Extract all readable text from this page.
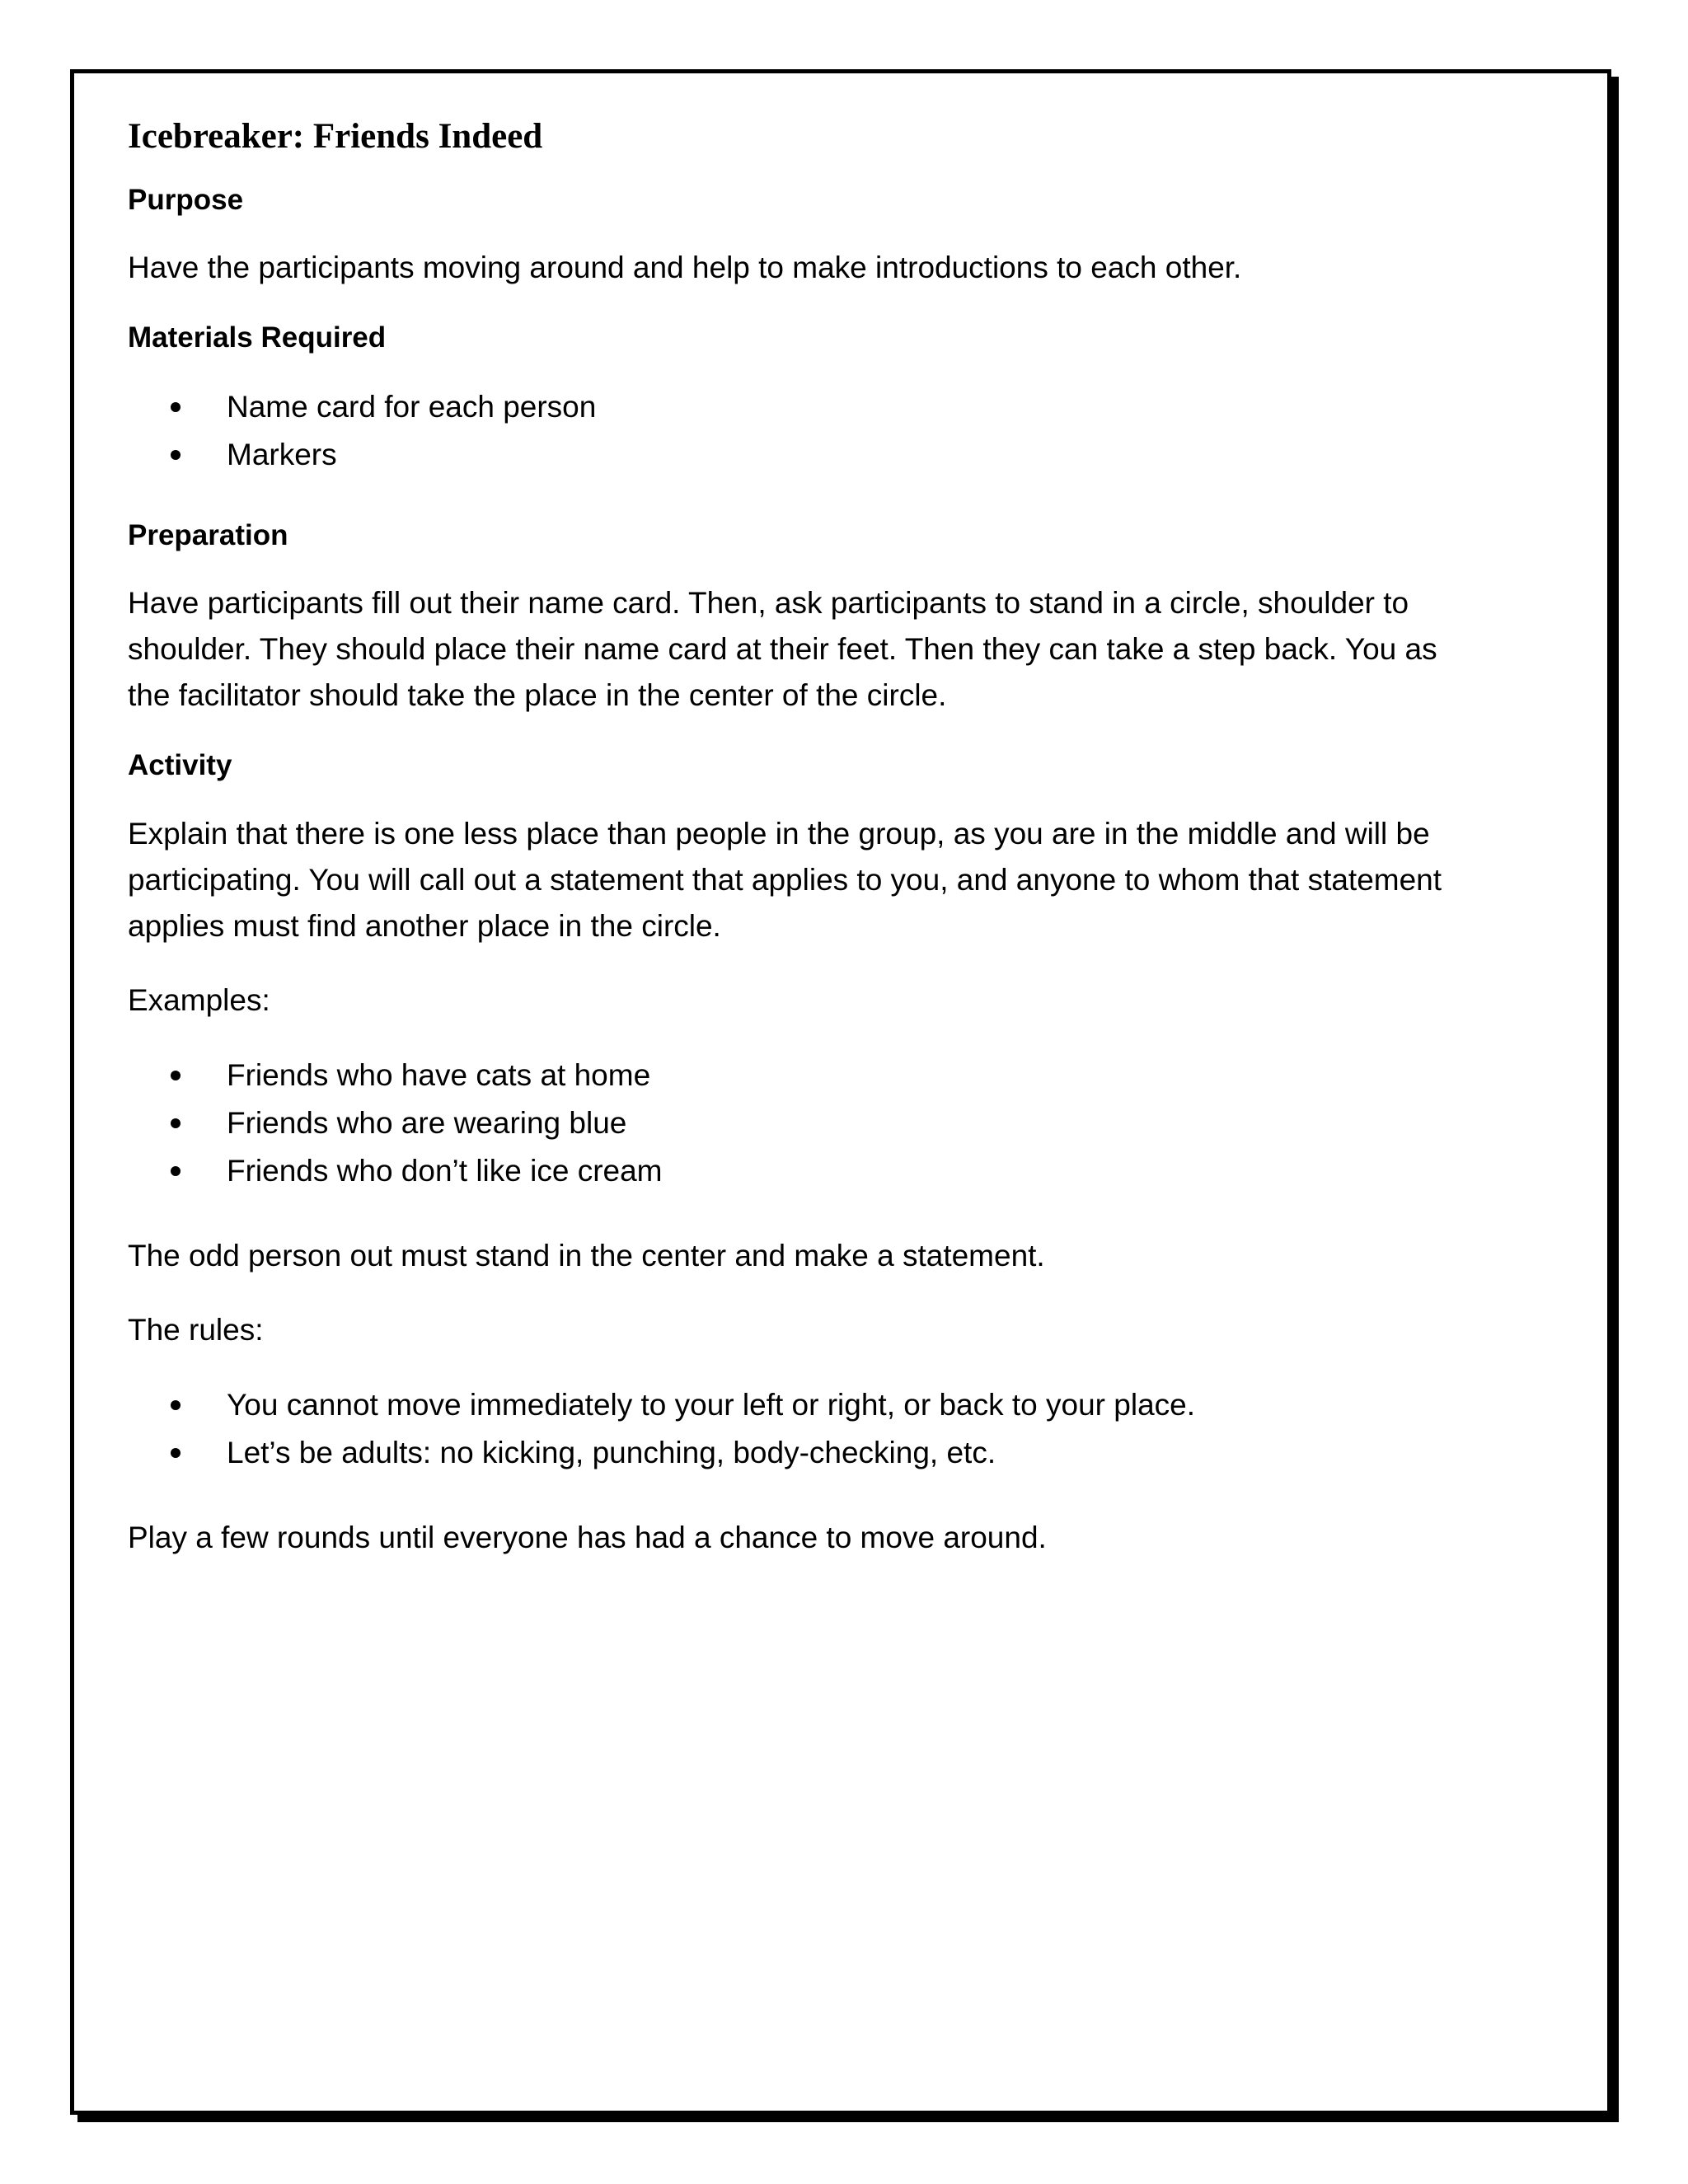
Icebreaker: Friends Indeed
Purpose

Have the participants moving around and help to make introductions to each other.

Materials Required
Name card for each person
Markers
Preparation

Have participants fill out their name card. Then, ask participants to stand in a circle, shoulder to shoulder. They should place their name card at their feet. Then they can take a step back. You as the facilitator should take the place in the center of the circle.

Activity

Explain that there is one less place than people in the group, as you are in the middle and will be participating. You will call out a statement that applies to you, and anyone to whom that statement applies must find another place in the circle.

Examples:

Friends who have cats at home
Friends who are wearing blue
Friends who don’t like ice cream

The odd person out must stand in the center and make a statement.

The rules:

You cannot move immediately to your left or right, or back to your place.
Let’s be adults: no kicking, punching, body-checking, etc.

Play a few rounds until everyone has had a chance to move around.
